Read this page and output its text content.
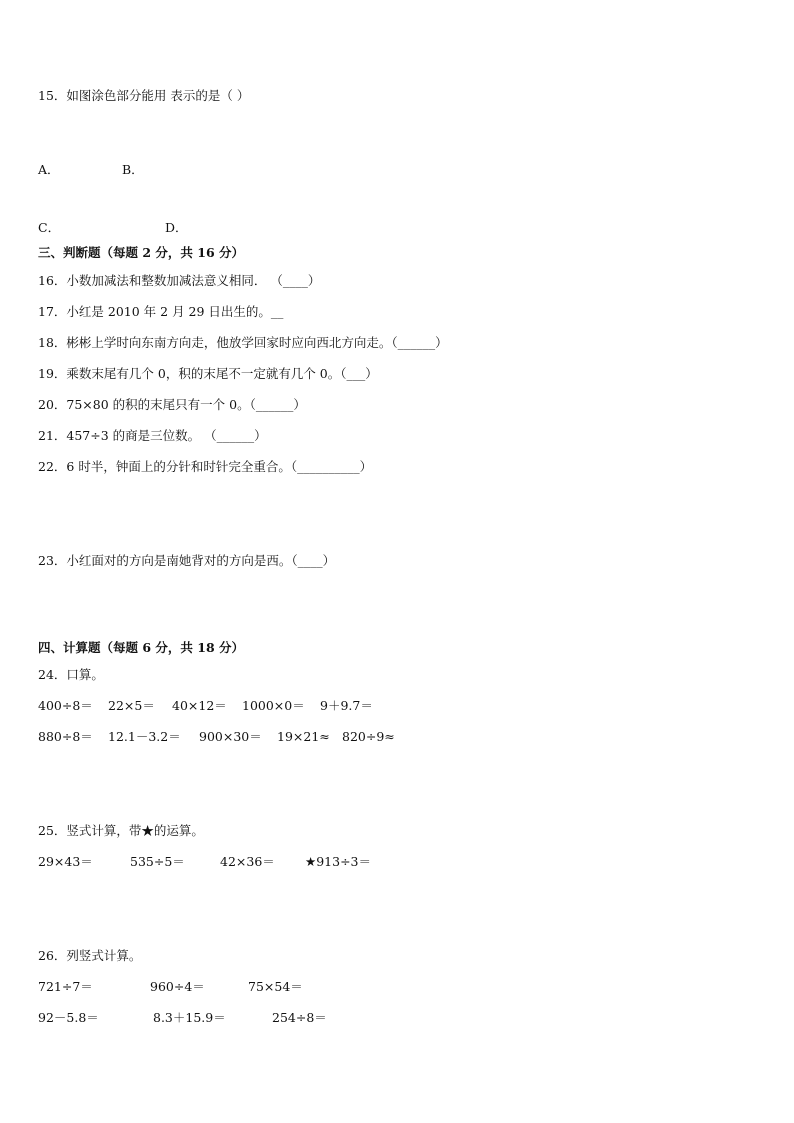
15．如图涂色部分能用 表示的是（ ）
A．	B．
C．	D．
三、判断题（每题 2 分，共 16 分）
16．小数加减法和整数加减法意义相同． （____）
17．小红是 2010 年 2 月 29 日出生的。__
18．彬彬上学时向东南方向走，他放学回家时应向西北方向走。（______）
19．乘数末尾有几个 0，积的末尾不一定就有几个 0。（___）
20．75×80 的积的末尾只有一个 0。（______）
21．457÷3 的商是三位数。 （______）
22．6 时半，钟面上的分针和时针完全重合。（__________）
23．小红面对的方向是南她背对的方向是西。（____）
四、计算题（每题 6 分，共 18 分）
24．口算。
400÷8＝ 22×5＝ 40×12＝ 1000×0＝ 9＋9.7＝
880÷8＝ 12.1－3.2＝ 900×30＝ 19×21≈ 820÷9≈
25．竖式计算，带★的运算。
29×43＝	535÷5＝	42×36＝ ★913÷3＝
26．列竖式计算。
721÷7＝	960÷4＝	75×54＝
92－5.8＝	8.3＋15.9＝	254÷8＝
